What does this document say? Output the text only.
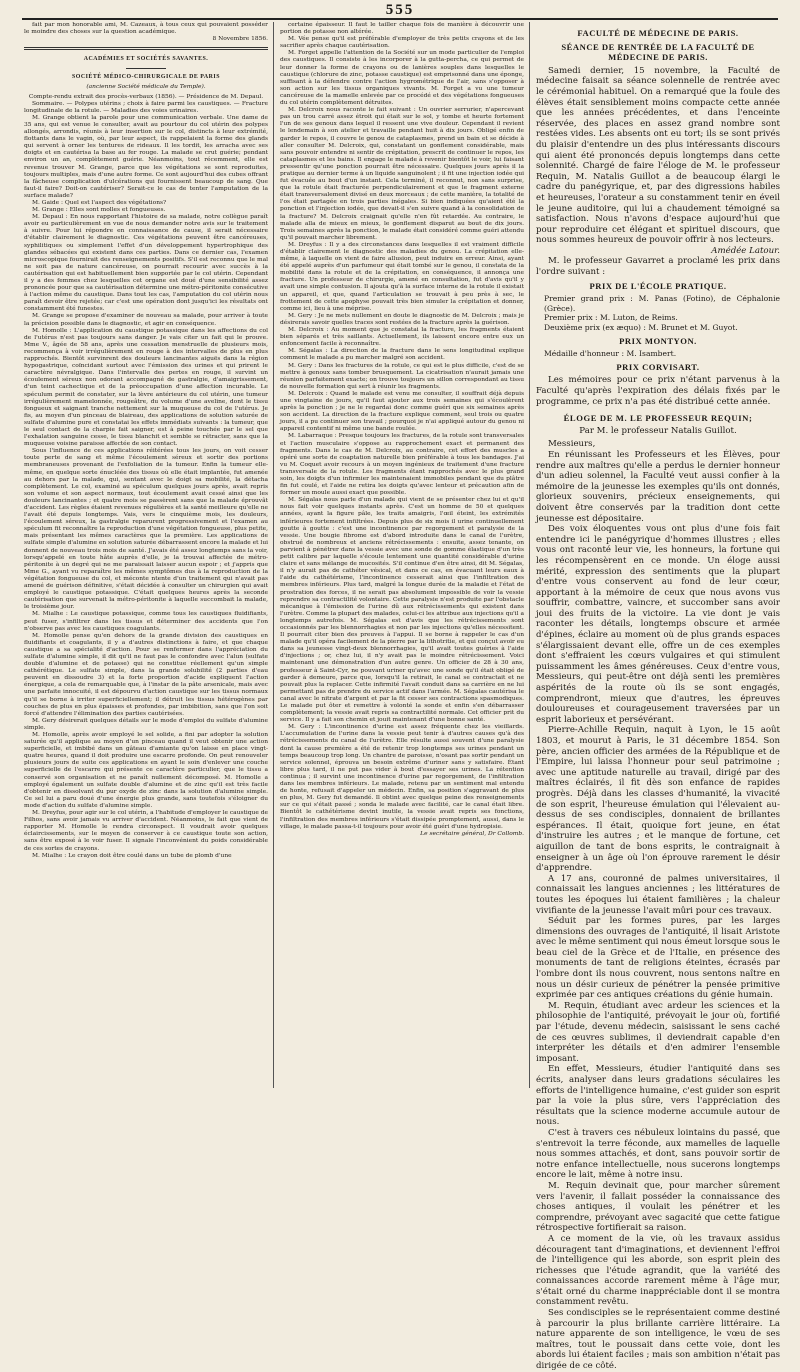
555

fait par mon honorable ami, M. Cazeaux, à tous ceux qui pouvaient posséder le moindre des choses sur la question académique.

8 Novembre 1856.

ACADÉMIES ET SOCIÉTÉS SAVANTES.

SOCIÉTÉ MÉDICO-CHIRURGICALE DE PARIS

(ancienne Société médicale du Temple).

Compte-rendu extrait des procès-verbaux (1856). — Présidence de M. Depaul.

Sommaire. — Polypes utérins ; choix à faire parmi les caustiques. — Fracture longitudinale de la rotule. — Maladies des voies urinaires.

M. Grange obtient la parole pour une communication verbale. Une dame de 35 ans, qui est venue le consulter, avait au pourtour du col utérin des polypes allongés, arrondis, réunis à leur insertion sur le col, distincts à leur extrémité, flottants dans le vagin, où, par leur aspect, ils rappelaient la forme des glands qui servent à orner les tentures de rideaux. Il les tordit, les arracha avec ses doigts et en cautérisa la base au fer rouge. La malade se crut guérie; pendant environ un an, complètement guérie. Néanmoins, tout récemment, elle est revenue trouver M. Grange, parce que les végétations se sont reproduites, toujours multiples, mais d'une autre forme. Ce sont aujourd'hui des cubes offrant la fâcheuse complication d'ulcérations qui fournissent beaucoup de sang. Que faut-il faire? Doit-on cautériser? Serait-ce le cas de tenter l'amputation de la surface malade?

M. Gaide : Quel est l'aspect des végétations?

M. Grange : Elles sont molles et fongueuses.

M. Depaul : En nous rapportant l'histoire de sa malade, notre collègue paraît avoir eu particulièrement en vue de nous demander notre avis sur le traitement à suivre. Pour lui répondre en connaissance de cause, il serait nécessaire d'établir clairement le diagnostic. Ces végétations peuvent être cancéreuses, syphilitiques ou simplement l'effet d'un développement hypertrophique des glandes sébacées qui existent dans ces parties. Dans ce dernier cas, l'examen microscopique fournirait des renseignements positifs. S'il est reconnu que le mal ne soit pas de nature cancéreuse, on pourrait recourir avec succès à la cautérisation qui est habituellement bien supportée par le col utérin. Cependant il y a des femmes chez lesquelles cet organe est doué d'une sensibilité assez prononcée pour que sa cautérisation détermine une métro-péritonite consécutive à l'action même du caustique. Dans tout les cas, l'amputation du col utérin nous paraît devoir être rejetée; car c'est une opération dont jusqu'ici les résultats ont constamment été funestes.

M. Grange se propose d'examiner de nouveau sa malade, pour arriver à toute la précision possible dans le diagnostic, et agir en conséquence.

M. Homolle : L'application du caustique potassique dans les affections du col de l'utérus n'est pas toujours sans danger. Je vais citer un fait qui le prouve. Mme V., âgée de 58 ans, après une cessation menstruelle de plusieurs mois, recommença à voir irrégulièrement en rouge à des intervalles de plus en plus rapprochés. Bientôt survinrent des douleurs lancinantes aiguës dans la région hypogastrique, coïncidant surtout avec l'émission des urines et qui prirent le caractère névralgique. Dans l'intervalle des pertes en rouge, il survint un écoulement séreux non odorant accompagné de gastralgie, d'amaigrissement, d'un teint cachectique et de la préoccupation d'une affection incurable. Le spéculum permit de constater, sur la lèvre antérieure du col utérin, une tumeur irrégulièrement mamelonnée, rougeâtre, du volume d'une aveline, dont le tissu fongueux et saignant tranche nettement sur la muqueuse du col de l'utérus. Je fis, au moyen d'un pinceau de blaireau, des applications de solution saturée de sulfate d'alumine pure et constatai les effets immédiats suivants : la tumeur, que le seul contact de la charpie fait saigner, est à peine touchée par le sel que l'exhalation sanguine cesse, le tissu blanchit et semble se rétracter, sans que la muqueuse voisine paraisse affectée de son contact.

Sous l'influence de ces applications réitérées tous les jours, on voit cesser toute perte de sang et même l'écoulement séreux et sortir des portions membraneuses provenant de l'exfoliation de la tumeur. Enfin la tumeur elle-même, en quelque sorte énucléée des tissus où elle était implantée, fut amenée au dehors par la malade, qui, sentant avec le doigt sa mobilité, la détacha complètement. Le col, examiné au spéculum quelques jours après, avait repris son volume et son aspect normaux, tout écoulement avait cessé ainsi que les douleurs lancinantes ; et quatre mois se passèrent sans que la malade éprouvât d'accident. Les règles étaient revenues régulières et la santé meilleure qu'elle ne l'avait été depuis longtemps. Vais, vers le cinquième mois, les douleurs, l'écoulement séreux, la gastralgie reparurent progressivement et l'examen au spéculum fit reconnaître la reproduction d'une végétation fongueuse, plus petite, mais présentant les mêmes caractères que la première. Les applications de sulfate simple d'alumine en solution saturée débarrassent encore la malade et lui donnent de nouveau trois mois de santé. J'avais été assez longtemps sans la voir, lorsqu'appelé en toute hâte auprès d'elle, je la trouvai affectée de métro-péritonite à un degré qui ne me paraissait laisser aucun espoir ; et j'appris que Mme G., ayant vu reparaître les mêmes symptômes dus à la reproduction de la végétation fongueuse du col, et méconte ntente d'un traitement qui n'avait pas amené de guérison définitive, s'était décidée à consulter un chirurgien qui avait employé le caustique potassique. C'était quelques heures après la seconde cautérisation que survenait la métro-péritonite à laquelle succombait la malade, le troisième jour.

M. Mialhe : Le caustique potassique, comme tous les caustiques fluidifiants, peut fuser, s'infiltrer dans les tissus et déterminer des accidents que l'on n'observe pas avec les caustiques coagulants.

M. Homolle pense qu'en dehors de la grande division des caustiques en fluidifiants et coagulants, il y a d'autres distinctions à faire, et que chaque caustique a sa spécialité d'action. Pour se renfermer dans l'appréciation du sulfate d'alumine simple, il dit qu'il ne faut pas le confondre avec l'alun (sulfate double d'alumine et de potasse) qui ne constitue réellement qu'un simple cathérétique. Le sulfate simple, dans la grande solubilité (2 parties d'eau peuvent en dissoudre 3) et la forte proportion d'acide expliquent l'action énergique, a cela de remarquable que, à l'instar de la pâte arsenicale, mais avec une parfaite innocuité, il est dépourvu d'action caustique sur les tissus normaux qu'il se borne à irriter superficiellement; il détruit les tissus hétérogènes par couches de plus en plus épaisses et profondes, par imbibition, sans que l'on soit forcé d'attendre l'élimination des parties cautérisées.

M. Gery désirerait quelques détails sur le mode d'emploi du sulfate d'alumine simple.

M. Homolle, après avoir employé le sel solide, a fini par adopter la solution saturée qu'il applique au moyen d'un pinceau quand il veut obtenir une action superficielle, et imbibé dans un gâteau d'amiante qu'on laisse en place vingt-quatre heures, quand il doit produire une escarre profonde. On peut renouveler plusieurs jours de suite ces applications en ayant le soin d'enlever une couche superficielle de l'escarre qui présente ce caractère particulier, que le tissu a conservé son organisation et ne paraît nullement décomposé. M. Homolle a employé également un sulfate double d'alumine et de zinc qu'il est très facile d'obtenir en dissolvant du pur oxyde de zinc dans la solution d'alumine simple. Ce sel lui a paru doué d'une énergie plus grande, sans toutefois s'éloigner du mode d'action du sulfate d'alumine simple.

M. Dreyfus, pour agir sur le col utérin, a l'habitude d'employer le caustique de Filhos, sans avoir jamais vu arriver d'accident. Néanmoins, le fait que vient de rapporter M. Homolle le rendra circonspect. Il voudrait avoir quelques éclaircissements, sur le moyen de conserver à ce caustique toute son action, sans être exposé à le voir fuser. Il signale l'inconvénient du poids considérable de ces sortes de crayons.

M. Mialhe : Le crayon doit être coulé dans un tube de plomb d'une

certaine épaisseur. Il faut le tailler chaque fois de manière à découvrir une portion de potasse non altérée.

M. Vée pense qu'il est préférable d'employer de très petits crayons et de les sacrifier après chaque cautérisation.

M. Forget appelle l'attention de la Société sur un mode particulier de l'emploi des caustiques. Il consiste à les incorporer à la gutta-percha, ce qui permet de leur donner la forme de crayons ou de lanières souples dans lesquelles le caustique (chlorure de zinc, potasse caustique) est emprisonné dans une éponge, suffisant à la défendre contre l'action hygrométrique de l'air, sans s'opposer à son action sur les tissus organiques vivants. M. Forget a vu une tumeur cancéreuse de la mamelle enlevée par ce procédé et des végétations fongueuses du col utérin complètement détruites.

M. Delcroix nous raconte le fait suivant : Un ouvrier serrurier, n'apercevant pas un trou carré assez étroit qui était sur le sol, y tombe et heurte fortement l'un de ses genoux dans lequel il ressent une vive douleur. Cependant il revient le lendemain à son atelier et travaille pendant huit à dix jours. Obligé enfin de garder le repos, il couvre le genou de cataplasmes, prend un bain et se décide à aller consulter M. Delcroix, qui, constatant un gonflement considérable, mais sans pouvoir entendre ni sentir de crépitation, prescrit de continuer le repos, les cataplasmes et les bains. Il engage le malade à revenir bientôt le voir, lui faisant pressentir qu'une ponction pourrait être nécessaire. Quelques jours après il la pratique au dernier terme à un liquide sanguinolent ; il fit une injection iodée qui fut évacuée au bout d'un instant. Cela terminé, il reconnut, non sans surprise, que la rotule était fracturée perpendiculairement et que le fragment externe était transversalement divisé en deux morceaux ; de cette manière, la totalité de l'os était partagée en trois parties inégales. Si bien indiquées qu'aient été la ponction et l'injection iodée, que devait-il s'en suivre quand à la consolidation de la fracture? M. Delcroix craignait qu'elle n'en fût retardée. Au contraire, le malade alla de mieux en mieux, le gonflement disparut au bout de dix jours. Trois semaines après la ponction, le malade était considéré comme guéri attendu qu'il pouvait marcher librement.

M. Dreyfus : Il y a des circonstances dans lesquelles il est vraiment difficile d'établir clairement le diagnostic des maladies du genou. La crépitation elle-même, à laquelle on vient de faire allusion, peut induire en erreur. Ainsi, ayant été appelé auprès d'un parfumeur qui était tombé sur le genou, il constata de la mobilité dans la rotule et de la crépitation, en conséquence, il annonça une fracture. Un professeur de chirurgie, amené en consultation, fut d'avis qu'il y avait une simple contusion. Il ajouta qu'à la surface interne de la rotule il existait un appareil, et que, quand l'articulation se trouvait à peu près à sec, le frottement de cette apophyse pouvait très bien simuler la crépitation et donner, comme ici, lieu à une méprise.

M. Gery : Je ne mets nullement en doute le diagnostic de M. Delcroix ; mais je désirerais savoir quelles traces sont restées de la fracture après la guérison.

M. Delcroix : Au moment que je constatai la fracture, les fragments étaient bien séparés et très saillants. Actuellement, ils laissent encore entre eux un enfoncement facile à reconnaître.

M. Ségalas : La direction de la fracture dans le sens longitudinal explique comment le malade a pu marcher malgré son accident.

M. Gery : Dans les fractures de la rotule, ce qui est le plus difficile, c'est de se mettre à genoux sans tomber brusquement. La cicatrisation n'aurait jamais une réunion parfaitement exacte; on trouve toujours un sillon correspondant au tissu de nouvelle formation qui sert à réunir les fragments.

M. Delcroix : Quand le malade est venu me consulter, il souffrait déjà depuis une vingtaine de jours, qu'il faut ajouter aux trois semaines qui s'écoulèrent après la ponction ; je ne le regardai donc comme guéri que six semaines après son accident. La direction de la fracture explique comment, seul trois ou quatre jours, il a pu continuer son travail ; pourquoi je n'ai appliqué autour du genou ni appareil contentif ni même une bande roulée.

M. Labarraque : Presque toujours les fractures, de la rotule sont transversales et l'action musculaire s'oppose au rapprochement exact et permanent des fragments. Dans le cas de M. Delcroix, au contraire, cet effort des muscles a opéré une sorte de coaptation naturelle bien préférable à tous les bandages. J'ai vu M. Coquet avoir recours à un moyen ingénieux de traitement d'une fracture transversale de la rotule. Les fragments étant rapprochés avec le plus grand soin, les doigts d'un infirmier les maintenaient immobiles pendant que du plâtre fin fut coulé, et l'aide ne retira les doigts qu'avec lenteur et précaution afin de former un moule aussi exact que possible.

M. Ségalas nous parle d'un malade qui vient de se présenter chez lui et qu'il nous fait voir quelques instants après. C'est un homme de 50 et quelques années, ayant la figure pâle, les traits amaigris, l'œil éteint, les extrémités inférieures fortement infiltrées. Depuis plus de six mois il urine continuellement goutte à goutte : c'est une incontinence par regorgement et paralysie de la vessie. Une bougie fibrome est d'abord introduite dans le canal de l'urètre, obstrué de nombreux et anciens rétrécissements : ensuite, assez tenante, on parvient à pénétrer dans la vessie avec une sonde de gomme élastique d'un très petit calibre par laquelle s'écoule lentement une quantité considérable d'urine claire et sans mélange de mucosités. S'il continue d'en être ainsi, dit M. Ségalas, il n'y aurait pas de cathéter vésical, et dans ce cas, en évacuant leurs eaux à l'aide du cathétérisme, l'incontinence cesserait ainsi que l'infiltration des membres inférieurs. Plus tard, malgré la longue durée de la maladie et l'état de prostration des forces, il ne serait pas absolument impossible de voir la vessie reprendre sa contractilité volontaire. Cette paralysie n'est produite par l'obstacle mécanique à l'émission de l'urine dû aux rétrécissements qui existent dans l'urètre. Comme la plupart des malades, celui-ci les attribue aux injections qu'il a longtemps autrefois. M. Ségalas est d'avis que les rétrécissements sont occasionnés par les blennorrhagies et non par les injections qu'elles nécessitent. Il pourrait citer bien des preuves à l'appui. Il se borne à rappeler le cas d'un malade qu'il opéra facilement de la pierre par la lithotritie, et qui conçut avoir eu dans sa jeunesse vingt-deux blennorrhagies, qu'il avait toutes guéries à l'aide d'injections ; or, chez lui, il n'y avait pas le moindre rétrécissement. Voici maintenant une démonstration d'un autre genre. Un officier de 28 à 30 ans, professeur à Saint-Cyr, ne pouvant uriner qu'avec une sonde qu'il était obligé de garder à demeure, parce que, lorsqu'il la retirait, le canal se contractait et ne pouvait plus la replacer. Cette infirmité l'avait conduit dans sa carrière en ne lui permettant pas de prendre du service actif dans l'armée. M. Ségalas cautérisa le canal avec le nitrate d'argent et par la fit cesser ses contractions spasmodiques. Le malade put ôter et remettre à volonté la sonde et enfin s'en débarrasser complètement; la vessie avait repris sa contractilité normale. Cet officier prit du service. Il y a fait son chemin et jouit maintenant d'une bonne santé.

M. Gery : L'incontinence d'urine est assez fréquente chez les vieillards. L'accumulation de l'urine dans la vessie peut tenir à d'autres causes qu'à des rétrécissements du canal de l'urètre. Elle résulte aussi souvent d'une paralysie dont la cause première a été de retenir trop longtemps ses urines pendant un temps beaucoup trop long. Un chantre de paroisse, n'osant pas sortir pendant un service solennel, éprouva un besoin extrême d'uriner sans y satisfaire. Étant libre plus tard, il ne put pas vider à bout d'essayer ses urines. La rétention continua ; il survint une incontinence d'urine par regorgement, de l'infiltration dans les membres inférieurs. Le malade, retenu par un sentiment mal entendu de honte, refusait d'appeler un médecin. Enfin, sa position s'aggravant de plus en plus, M. Gery fut demandé. Il obtint avec quelque peine des renseignements sur ce qui s'était passé ; sonda le malade avec facilité, car le canal était libre. Bientôt le cathétérisme devint inutile, la vessie avait repris ses fonctions, l'infiltration des membres inférieurs s'était dissipée promptement, aussi, dans le village, le malade passa-t-il toujours pour avoir été guéri d'une hydropisie.

Le secrétaire général, Dr Collomb.

FACULTÉ DE MÉDECINE DE PARIS.

SÉANCE DE RENTRÉE DE LA FACULTÉ DE MÉDECINE DE PARIS.

Samedi dernier, 15 novembre, la Faculté de médecine faisait sa séance solennelle de rentrée avec le cérémonial habituel. On a remarqué que la foule des élèves était sensiblement moins compacte cette année que les années précédentes, et dans l'enceinte réservée, des places en assez grand nombre sont restées vides. Les absents ont eu tort; ils se sont privés du plaisir d'entendre un des plus intéressants discours qui aient été prononcés depuis longtemps dans cette solennité. Chargé de faire l'éloge de M. le professeur Requin, M. Natalis Guillot a de beaucoup élargi le cadre du panégyrique, et, par des digressions habiles et heureuses, l'orateur a su constamment tenir en éveil le jeune auditoire, qui lui a chaudement témoigné sa satisfaction. Nous n'avons d'espace aujourd'hui que pour reproduire cet élégant et spirituel discours, que nous sommes heureux de pouvoir offrir à nos lecteurs.

Amédée Latour.

M. le professeur Gavarret a proclamé les prix dans l'ordre suivant :

PRIX DE L'ÉCOLE PRATIQUE.

Premier grand prix : M. Panas (Fotino), de Céphalonie (Grèce).

Premier prix : M. Luton, de Reims.

Deuxième prix (ex æquo) : M. Brunet et M. Guyot.

PRIX MONTYON.

Médaille d'honneur : M. Isambert.

PRIX CORVISART.

Les mémoires pour ce prix n'étant parvenus à la Faculté qu'après l'expiration des délais fixés par le programme, ce prix n'a pas été distribué cette année.

ÉLOGE DE M. LE PROFESSEUR REQUIN;

Par M. le professeur Natalis Guillot.

Messieurs,

En réunissant les Professeurs et les Élèves, pour rendre aux maîtres qu'elle a perdus le dernier honneur d'un adieu solennel, la Faculté veut aussi confier à la mémoire de la jeunesse les exemples qu'ils ont donnés, glorieux souvenirs, précieux enseignements, qui doivent être conservés par la tradition dont cette jeunesse est dépositaire.

Des voix éloquentes vous ont plus d'une fois fait entendre ici le panégyrique d'hommes illustres ; elles vous ont raconté leur vie, les honneurs, la fortune qui les récompensèrent en ce monde. Un éloge aussi mérité, expression des sentiments que la plupart d'entre vous conservent au fond de leur cœur, apportant à la mémoire de ceux que nous avons vus souffrir, combattre, vaincre, et succomber sans avoir joui des fruits de la victoire. La vie dont je vais raconter les détails, longtemps obscure et armée d'épines, éclaire au moment où de plus grands espaces s'élargissaient devant elle, offre un de ces exemples dont s'effraient les cœurs vulgaires et qui stimulent puissamment les âmes généreuses. Ceux d'entre vous, Messieurs, qui peut-être ont déjà senti les premières aspérités de la route où ils se sont engagés, comprendront, mieux que d'autres, les épreuves douloureuses et courageusement traversées par un esprit laborieux et persévérant.

Pierre-Achille Requin, naquit à Lyon, le 15 août 1803, et mourut à Paris, le 31 décembre 1854. Son père, ancien officier des armées de la République et de l'Empire, lui laissa l'honneur pour seul patrimoine ; avec une aptitude naturelle au travail, dirigé par des maîtres éclairés, il fit dès son enfance de rapides progrès. Déjà dans les classes d'humanité, la vivacité de son esprit, l'heureuse émulation qui l'élevaient au-dessus de ses condisciples, donnaient de brillantes espérances. Il était, quoique fort jeune, en état d'instruire les autres ; et le manque de fortune, cet aiguillon de tant de bons esprits, le contraignait à enseigner à un âge où l'on éprouve rarement le désir d'apprendre.

A 17 ans, couronné de palmes universitaires, il connaissait les langues anciennes ; les littératures de toutes les époques lui étaient familières ; la chaleur vivifiante de la jeunesse l'avait mûri pour ces travaux.

Séduit par les formes pures, par les larges dimensions des ouvrages de l'antiquité, il lisait Aristote avec le même sentiment qui nous émeut lorsque sous le beau ciel de la Grèce et de l'Italie, en présence des monuments de tant de religions éteintes, écrasés par l'ombre dont ils nous couvrent, nous sentons naître en nous un désir curieux de pénétrer la pensée primitive exprimée par ces antiques créations du génie humain.

M. Requin, étudiant avec ardeur les sciences et la philosophie de l'antiquité, prévoyait le jour où, fortifié par l'étude, devenu médecin, saisissant le sens caché de ces œuvres sublimes, il deviendrait capable d'en interpréter les détails et d'en admirer l'ensemble imposant.

En effet, Messieurs, étudier l'antiquité dans ses écrits, analyser dans leurs gradations séculaires les efforts de l'intelligence humaine, c'est guider son esprit par la voie la plus sûre, vers l'appréciation des résultats que la science moderne accumule autour de nous.

C'est à travers ces nébuleux lointains du passé, que s'entrevoit la terre féconde, aux mamelles de laquelle nous sommes attachés, et dont, sans pouvoir sortir de notre enfance intellectuelle, nous sucerons longtemps encore le lait, même à notre insu.

M. Requin devinait que, pour marcher sûrement vers l'avenir, il fallait posséder la connaissance des choses antiques, il voulait les pénétrer et les comprendre, prévoyant avec sagacité que cette fatigue rétrospective fortifierait sa raison.

A ce moment de la vie, où les travaux assidus découragent tant d'imaginations, et deviennent l'effroi de l'intelligence qui les aborde, son esprit plein des richesses que l'étude agrandit, que la variété des connaissances accorde rarement même à l'âge mur, s'était orné du charme inappréciable dont il se montra constamment revêtu.

Ses condisciples se le représentaient comme destiné à parcourir la plus brillante carrière littéraire. La nature apparente de son intelligence, le vœu de ses maîtres, tout le poussait dans cette voie, dont les abords lui étaient faciles ; mais son ambition n'était pas dirigée de ce côté.
